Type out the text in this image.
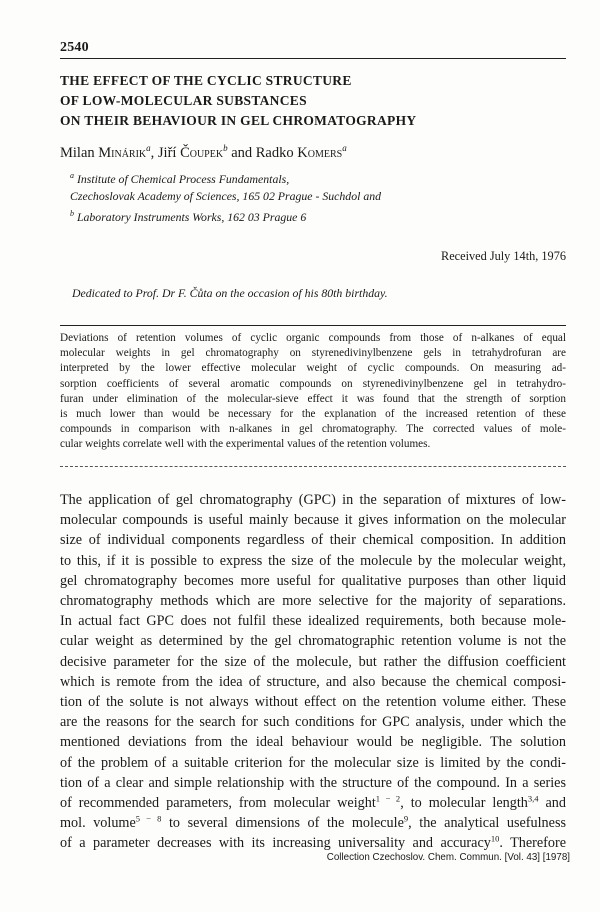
2540
THE EFFECT OF THE CYCLIC STRUCTURE
OF LOW-MOLECULAR SUBSTANCES
ON THEIR BEHAVIOUR IN GEL CHROMATOGRAPHY
Milan Minárik$^a$, Jiří Čoupek$^b$ and Radko Komers$^a$
$^a$ Institute of Chemical Process Fundamentals,
Czechoslovak Academy of Sciences, 165 02 Prague - Suchdol and
$^b$ Laboratory Instruments Works, 162 03 Prague 6
Received July 14th, 1976
Dedicated to Prof. Dr F. Čůta on the occasion of his 80th birthday.
Deviations of retention volumes of cyclic organic compounds from those of n-alkanes of equal
molecular weights in gel chromatography on styrenedivinylbenzene gels in tetrahydrofuran are
interpreted by the lower effective molecular weight of cyclic compounds. On measuring ad-
sorption coefficients of several aromatic compounds on styrenedivinylbenzene gel in tetrahydro-
furan under elimination of the molecular-sieve effect it was found that the strength of sorption
is much lower than would be necessary for the explanation of the increased retention of these
compounds in comparison with n-alkanes in gel chromatography. The corrected values of mole-
cular weights correlate well with the experimental values of the retention volumes.
The application of gel chromatography (GPC) in the separation of mixtures of low-
molecular compounds is useful mainly because it gives information on the molecular
size of individual components regardless of their chemical composition. In addition
to this, if it is possible to express the size of the molecule by the molecular weight,
gel chromatography becomes more useful for qualitative purposes than other liquid
chromatography methods which are more selective for the majority of separations.
In actual fact GPC does not fulfil these idealized requirements, both because mole-
cular weight as determined by the gel chromatographic retention volume is not the
decisive parameter for the size of the molecule, but rather the diffusion coefficient
which is remote from the idea of structure, and also because the chemical composi-
tion of the solute is not always without effect on the retention volume either. These
are the reasons for the search for such conditions for GPC analysis, under which the
mentioned deviations from the ideal behaviour would be negligible. The solution
of the problem of a suitable criterion for the molecular size is limited by the condi-
tion of a clear and simple relationship with the structure of the compound. In a series
of recommended parameters, from molecular weight$^{1 - 2}$, to molecular length$^{3,4}$ and
mol. volume$^{5 - 8}$ to several dimensions of the molecule$^9$, the analytical usefulness
of a parameter decreases with its increasing universality and accuracy$^{10}$. Therefore
Collection Czechoslov. Chem. Commun. [Vol. 43] [1978]
